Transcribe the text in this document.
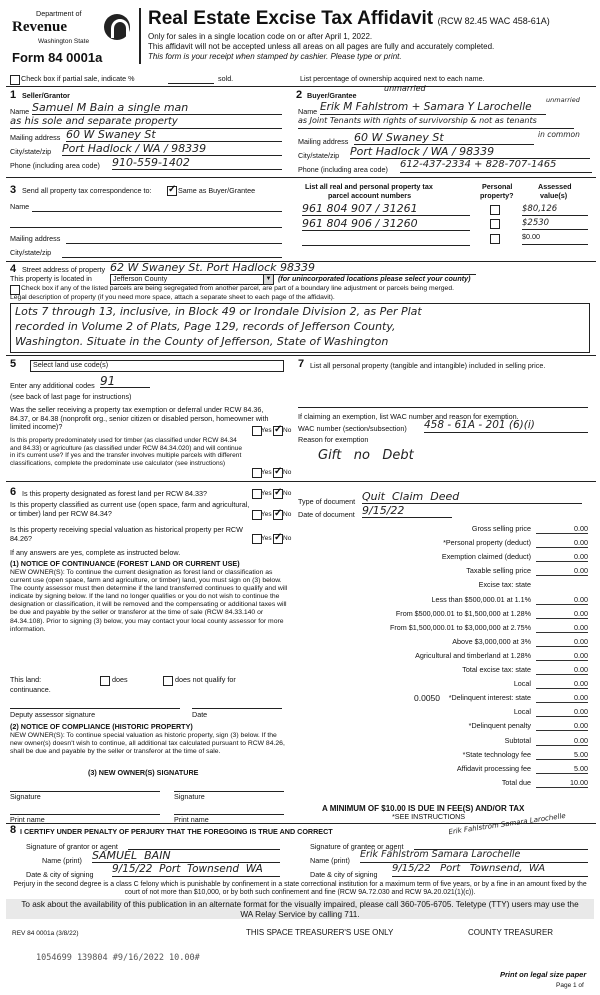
Department of
Revenue
Washington State
Form 84 0001a
Real Estate Excise Tax Affidavit (RCW 82.45 WAC 458-61A)
Only for sales in a single location code on or after April 1, 2022.
This affidavit will not be accepted unless all areas on all pages are fully and accurately completed.
This form is your receipt when stamped by cashier. Please type or print.
Check box if partial sale, indicate %	sold.	List percentage of ownership acquired next to each name.
1 Seller/Grantor
Name Samuel M Bain a single man
as his sole and separate property
Mailing address 60 W Swaney St
City/state/zip Port Hadlock / WA / 98339
Phone (including area code) 910-559-1402
2 Buyer/Grantee
unmarried
unmarried
Name Erik M Fahlstrom + Samara Y Larochelle
as Joint Tenants with rights of survivorship & not as tenants
in common
Mailing address 60 W Swaney St
City/state/zip Port Hadlock / WA / 98339
Phone (including area code) 612-437-2334 + 828-707-1465
3 Send all property tax correspondence to: ✓	Same as Buyer/Grantee
Name
Mailing address
City/state/zip
List all real and personal property tax
parcel account numbers
Personal
property?
Assessed
value(s)
961 804 907 / 31261	$80,126
961 804 906 / 31260	$2530
$0.00
4 Street address of property 62 W Swaney St. Port Hadlock 98339
This property is located in	Jefferson County	▼ (for unincorporated locations please select your county)
Check box if any of the listed parcels are being segregated from another parcel, are part of a boundary line adjustment or parcels being merged.
Legal description of property (if you need more space, attach a separate sheet to each page of the affidavit).
Lots 7 through 13, inclusive, in Block 49 or Irondale Division 2, as Per Plat
recorded in Volume 2 of Plats, Page 129, records of Jefferson County,
Washington. Situate in the County of Jefferson, State of Washington
5	Select land use code(s)
Enter any additional codes 91
(see back of last page for instructions)
Was the seller receiving a property tax exemption or deferral under RCW 84.36, 84.37, or 84.38 (nonprofit org., senior citizen or disabled person, homeowner with limited income)?	Yes ✓ No
Is this property predominately used for timber (as classified under RCW 84.34 and 84.33) or agriculture (as classified under RCW 84.34.020) and will continue in it's current use? If yes and the transfer involves multiple parcels with different classifications, complete the predominate use calculator (see instructions)
Yes ✓ No
7 List all personal property (tangible and intangible) included in selling price.
If claiming an exemption, list WAC number and reason for exemption.
WAC number (section/subsection) 458 - 61A - 201 (6)(i)
Reason for exemption
Gift   no   Debt
Type of document Quit  Claim  Deed
Date of document 9/15/22
6 Is this property designated as forest land per RCW 84.33?	Yes ✓ No
Is this property classified as current use (open space, farm and agricultural, or timber) land per RCW 84.34?	Yes ✓ No
Is this property receiving special valuation as historical property per RCW 84.26?	Yes ✓ No
If any answers are yes, complete as instructed below.
(1) NOTICE OF CONTINUANCE (FOREST LAND OR CURRENT USE)
NEW OWNER(S): To continue the current designation as forest land or classification as current use (open space, farm and agriculture, or timber) land, you must sign on (3) below. The county assessor must then determine if the land transferred continues to qualify and will indicate by signing below. If the land no longer qualifies or you do not wish to continue the designation or classification, it will be removed and the compensating or additional taxes will be due and payable by the seller or transferor at the time of sale (RCW 84.33.140 or 84.34.108). Prior to signing (3) below, you may contact your local county assessor for more information.
This land:	does	does not qualify for
continuance.
Deputy assessor signature	Date
(2) NOTICE OF COMPLIANCE (HISTORIC PROPERTY)
NEW OWNER(S): To continue special valuation as historic property, sign (3) below. If the new owner(s) doesn't wish to continue, all additional tax calculated pursuant to RCW 84.26, shall be due and payable by the seller or transferor at the time of sale.
(3) NEW OWNER(S) SIGNATURE
Signature	Signature
Print name	Print name
Gross selling price	0.00
*Personal property (deduct)	0.00
Exemption claimed (deduct)	0.00
Taxable selling price	0.00
Excise tax: state
Less than $500,000.01 at 1.1%	0.00
From $500,000.01 to $1,500,000 at 1.28%	0.00
From $1,500,000.01 to $3,000,000 at 2.75%	0.00
Above $3,000,000 at 3%	0.00
Agricultural and timberland at 1.28%	0.00
Total excise tax: state	0.00
Local	0.00
*Delinquent interest: state	0.00
Local	0.00
*Delinquent penalty	0.00
Subtotal	0.00
*State technology fee	5.00
Affidavit processing fee	5.00
Total due	10.00
0.0050
A MINIMUM OF $10.00 IS DUE IN FEE(S) AND/OR TAX
*SEE INSTRUCTIONS
8 I CERTIFY UNDER PENALTY OF PERJURY THAT THE FOREGOING IS TRUE AND CORRECT	Erik Fahlstrom Samara Larochelle
Signature of grantor or agent	Signature of grantee or agent
Name (print) SAMUEL  BAIN	Name (print)
Erik Fahlstrom Samara Larochelle
Date & city of signing 9/15/22  Port  Townsend  WA	Date & city of signing
9/15/22   Port   Townsend,  WA
Perjury in the second degree is a class C felony which is punishable by confinement in a state correctional institution for a maximum term of five years, or by a fine in an amount fixed by the court of not more than $10,000, or by both such confinement and fine (RCW 9A.72.030 and RCW 9A.20.021(1)(c)).
To ask about the availability of this publication in an alternate format for the visually impaired, please call 360-705-6705. Teletype (TTY) users may use the WA Relay Service by calling 711.
REV 84 0001a (3/8/22)	THIS SPACE TREASURER'S USE ONLY	COUNTY TREASURER
1054699 139804 #9/16/2022 10.00#
Print on legal size paper
Page 1 of
